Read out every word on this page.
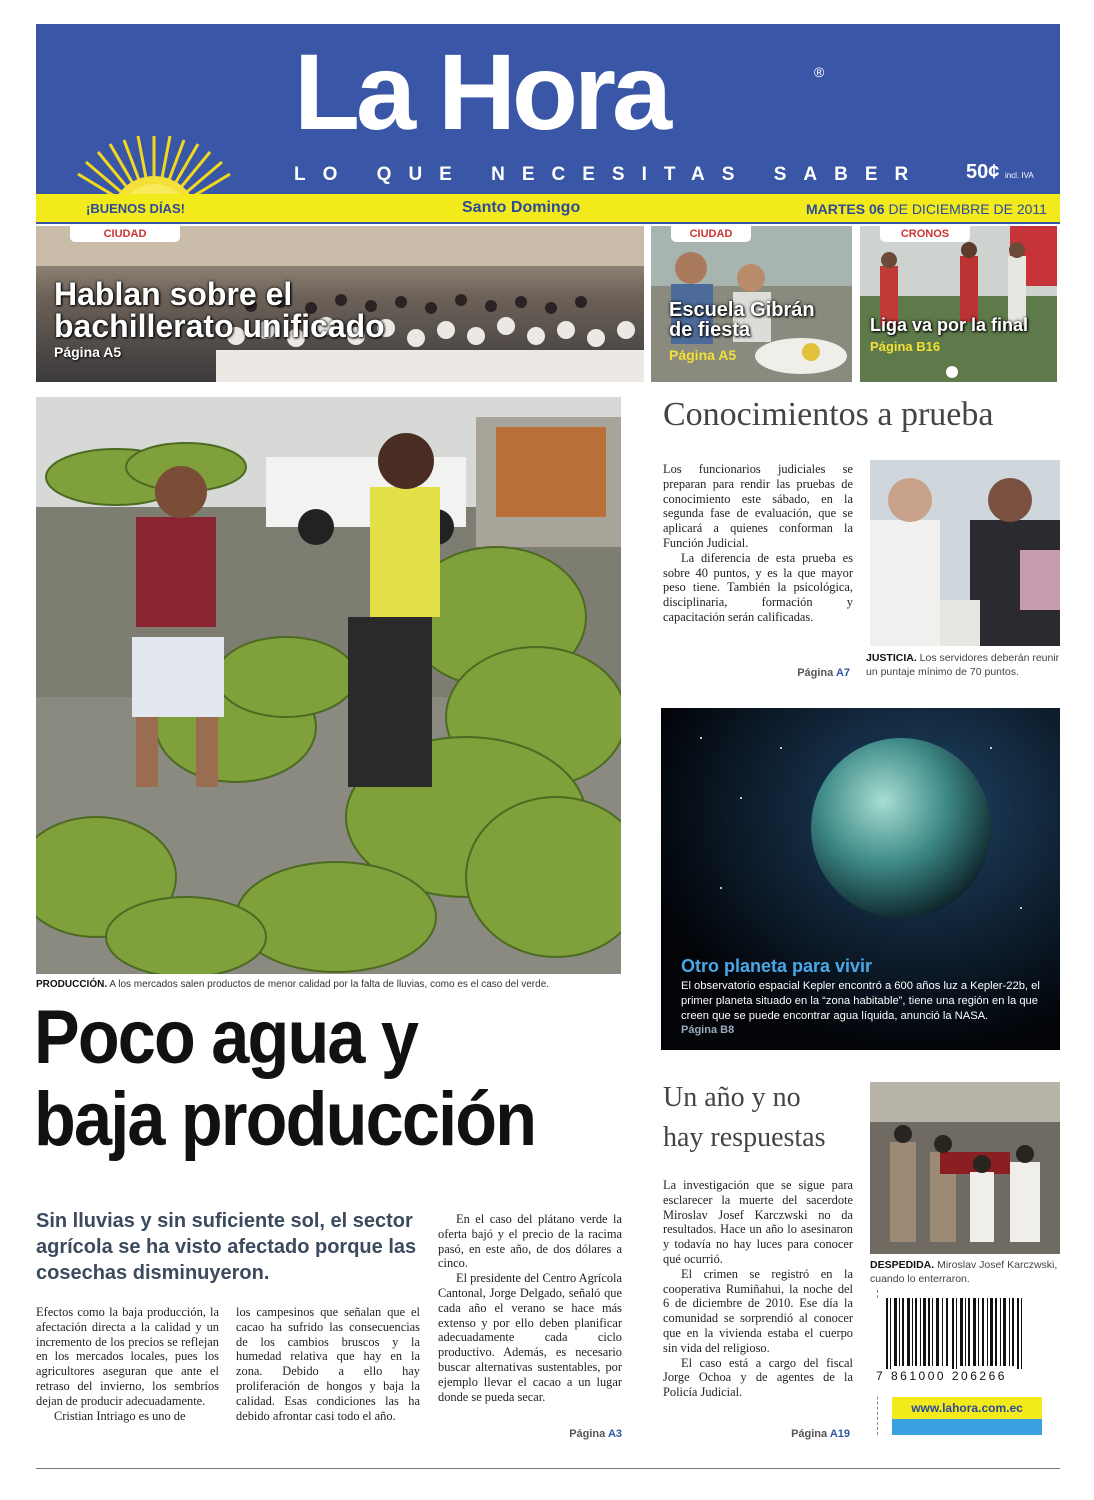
La Hora	®
LO QUE NECESITAS SABER 50¢ incl. IVA
¡BUENOS DÍAS!	Santo Domingo	MARTES 06 DE DICIEMBRE DE 2011
CIUDAD
Hablan sobre el
bachillerato unificado
Página A5
CIUDAD
Escuela Gibrán
de fiesta
Página A5
CRONOS
Liga va por la final
Página B16
PRODUCCIÓN. A los mercados salen productos de menor calidad por la falta de lluvias, como es el caso del verde.
Poco agua y
baja producción
Sin lluvias y sin suficiente sol, el sector agrícola se ha visto afectado porque las cosechas disminuyeron.

Efectos como la baja producción, la afectación directa a la calidad y un incremento de los precios se reflejan en los mercados locales, pues los agricultores aseguran que ante el retraso del invierno, los sembríos dejan de producir adecuadamente.

Cristian Intriago es uno de

los campesinos que señalan que el cacao ha sufrido las consecuencias de los cambios bruscos y la humedad relativa que hay en la zona. Debido a ello hay proliferación de hongos y baja la calidad. Esas condiciones las ha debido afrontar casi todo el año.

En el caso del plátano verde la oferta bajó y el precio de la racima pasó, en este año, de dos dólares a cinco.

El presidente del Centro Agrícola Cantonal, Jorge Delgado, señaló que cada año el verano se hace más extenso y por ello deben planificar adecuadamente cada ciclo productivo. Además, es necesario buscar alternativas sustentables, por ejemplo llevar el cacao a un lugar donde se pueda secar.

Página A3
Conocimientos a prueba

Los funcionarios judiciales se preparan para rendir las pruebas de conocimiento este sábado, en la segunda fase de evaluación, que se aplicará a quienes conforman la Función Judicial.

La diferencia de esta prueba es sobre 40 puntos, y es la que mayor peso tiene. También la psicológica, disciplinaria, formación y capacitación serán calificadas.

Página A7
JUSTICIA. Los servidores deberán reunir un puntaje mínimo de 70 puntos.
Otro planeta para vivir
El observatorio espacial Kepler encontró a 600 años luz a Kepler-22b, el primer planeta situado en la “zona habitable”, tiene una región en la que creen que se puede encontrar agua líquida, anunció la NASA.
Página B8
Un año y no
hay respuestas

La investigación que se sigue para esclarecer la muerte del sacerdote Miroslav Josef Karczwski no da resultados. Hace un año lo asesinaron y todavía no hay luces para conocer qué ocurrió.

El crimen se registró en la cooperativa Rumiñahui, la noche del 6 de diciembre de 2010. Ese día la comunidad se sorprendió al conocer que en la vivienda estaba el cuerpo sin vida del religioso.

El caso está a cargo del fiscal Jorge Ochoa y de agentes de la Policía Judicial.

Página A19
DESPEDIDA. Miroslav Josef Karczwski, cuando lo enterraron.
7 861000 206266
www.lahora.com.ec
